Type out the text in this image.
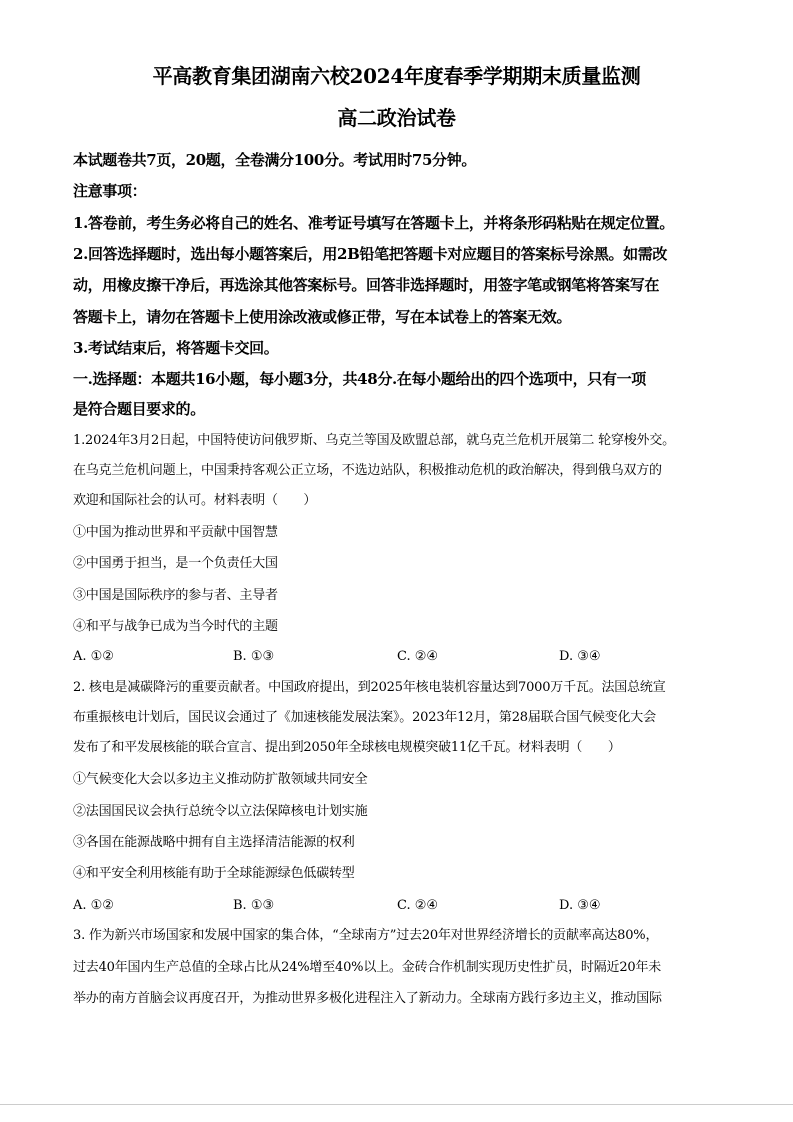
平高教育集团湖南六校2024年度春季学期期末质量监测
高二政治试卷
本试题卷共7页，20题，全卷满分100分。考试用时75分钟。
注意事项：
1.答卷前，考生务必将自己的姓名、准考证号填写在答题卡上，并将条形码粘贴在规定位置。
2.回答选择题时，选出每小题答案后，用2B铅笔把答题卡对应题目的答案标号涂黑。如需改
动，用橡皮擦干净后，再选涂其他答案标号。回答非选择题时，用签字笔或钢笔将答案写在
答题卡上，请勿在答题卡上使用涂改液或修正带，写在本试卷上的答案无效。
3.考试结束后，将答题卡交回。
一.选择题：本题共16小题，每小题3分，共48分.在每小题给出的四个选项中，只有一项
是符合题目要求的。
1.2024年3月2日起，中国特使访问俄罗斯、乌克兰等国及欧盟总部，就乌克兰危机开展第二 轮穿梭外交。
在乌克兰危机问题上，中国秉持客观公正立场，不选边站队，积极推动危机的政治解决，得到俄乌双方的
欢迎和国际社会的认可。材料表明（　　）
①中国为推动世界和平贡献中国智慧
②中国勇于担当，是一个负责任大国
③中国是国际秩序的参与者、主导者
④和平与战争已成为当今时代的主题
A. ①②	B. ①③	C. ②④	D. ③④
2. 核电是减碳降污的重要贡献者。中国政府提出，到2025年核电装机容量达到7000万千瓦。法国总统宣
布重振核电计划后，国民议会通过了《加速核能发展法案》。2023年12月，第28届联合国气候变化大会
发布了和平发展核能的联合宣言、提出到2050年全球核电规模突破11亿千瓦。材料表明（　　）
①气候变化大会以多边主义推动防扩散领域共同安全
②法国国民议会执行总统令以立法保障核电计划实施
③各国在能源战略中拥有自主选择清洁能源的权利
④和平安全利用核能有助于全球能源绿色低碳转型
A. ①②	B. ①③	C. ②④	D. ③④
3. 作为新兴市场国家和发展中国家的集合体，“全球南方”过去20年对世界经济增长的贡献率高达80%，
过去40年国内生产总值的全球占比从24%增至40%以上。金砖合作机制实现历史性扩员，时隔近20年未
举办的南方首脑会议再度召开，为推动世界多极化进程注入了新动力。全球南方践行多边主义，推动国际
